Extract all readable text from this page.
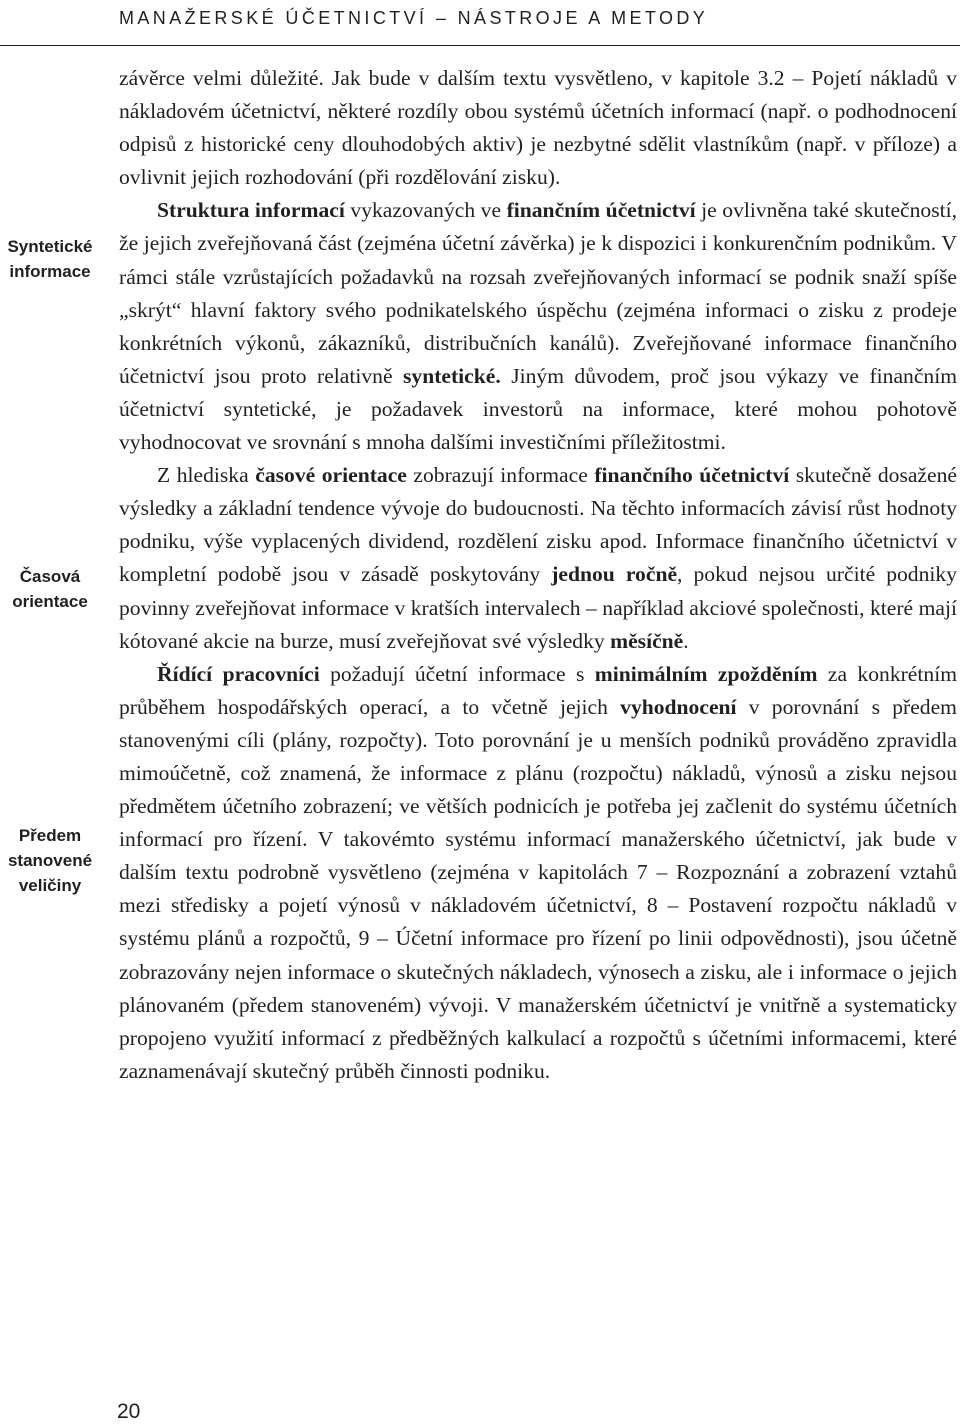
MANAŽERSKÉ ÚČETNICTVÍ – NÁSTROJE A METODY
Syntetické informace
Časová orientace
Předem stanovené veličiny

závěrce velmi důležité. Jak bude v dalším textu vysvětleno, v kapitole 3.2 – Pojetí nákladů v nákladovém účetnictví, některé rozdíly obou systémů účetních informací (např. o podhodnocení odpisů z historické ceny dlouhodobých aktiv) je nezbytné sdělit vlastníkům (např. v příloze) a ovlivnit jejich rozhodování (při rozdělování zisku).

Struktura informací vykazovaných ve finančním účetnictví je ovlivněna také skutečností, že jejich zveřejňovaná část (zejména účetní závěrka) je k dispozici i konkurenčním podnikům. V rámci stále vzrůstajících požadavků na rozsah zveřejňovaných informací se podnik snaží spíše „skrýt“ hlavní faktory svého podnikatelského úspěchu (zejména informaci o zisku z prodeje konkrétních výkonů, zákazníků, distribučních kanálů). Zveřejňované informace finančního účetnictví jsou proto relativně syntetické. Jiným důvodem, proč jsou výkazy ve finančním účetnictví syntetické, je požadavek investorů na informace, které mohou pohotově vyhodnocovat ve srovnání s mnoha dalšími investičními příležitostmi.

Z hlediska časové orientace zobrazují informace finančního účetnictví skutečně dosažené výsledky a základní tendence vývoje do budoucnosti. Na těchto informacích závisí růst hodnoty podniku, výše vyplacených dividend, rozdělení zisku apod. Informace finančního účetnictví v kompletní podobě jsou v zásadě poskytovány jednou ročně, pokud nejsou určité podniky povinny zveřejňovat informace v kratších intervalech – například akciové společnosti, které mají kótované akcie na burze, musí zveřejňovat své výsledky měsíčně.

Řídící pracovníci požadují účetní informace s minimálním zpožděním za konkrétním průběhem hospodářských operací, a to včetně jejich vyhodnocení v porovnání s předem stanovenými cíli (plány, rozpočty). Toto porovnání je u menších podniků prováděno zpravidla mimoúčetně, což znamená, že informace z plánu (rozpočtu) nákladů, výnosů a zisku nejsou předmětem účetního zobrazení; ve větších podnicích je potřeba jej začlenit do systému účetních informací pro řízení. V takovémto systému informací manažerského účetnictví, jak bude v dalším textu podrobně vysvětleno (zejména v kapitolách 7 – Rozpoznání a zobrazení vztahů mezi středisky a pojetí výnosů v nákladovém účetnictví, 8 – Postavení rozpočtu nákladů v systému plánů a rozpočtů, 9 – Účetní informace pro řízení po linii odpovědnosti), jsou účetně zobrazovány nejen informace o skutečných nákladech, výnosech a zisku, ale i informace o jejich plánovaném (předem stanoveném) vývoji. V manažerském účetnictví je vnitřně a systematicky propojeno využití informací z předběžných kalkulací a rozpočtů s účetními informacemi, které zaznamenávají skutečný průběh činnosti podniku.

20
